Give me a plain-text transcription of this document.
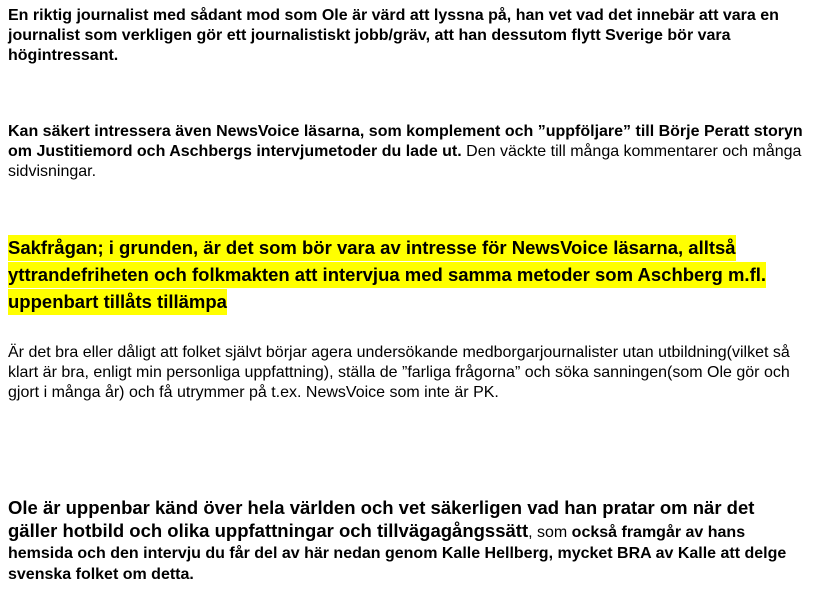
En riktig journalist med sådant mod som Ole är värd att lyssna på, han vet vad det innebär att vara en journalist som verkligen gör ett journalistiskt jobb/gräv, att han dessutom flytt Sverige bör vara högintressant.

Kan säkert intressera även NewsVoice läsarna, som komplement och ”uppföljare” till Börje Peratt storyn om Justitiemord och Aschbergs intervjumetoder du lade ut. Den väckte till många kommentarer och många sidvisningar.

Sakfrågan; i grunden, är det som bör vara av intresse för NewsVoice läsarna, alltså yttrandefriheten och folkmakten att intervjua med samma metoder som Aschberg m.fl. uppenbart tillåts tillämpa

Är det bra eller dåligt att folket självt börjar agera undersökande medborgarjournalister utan utbildning(vilket så klart är bra, enligt min personliga uppfattning), ställa de ”farliga frågorna” och söka sanningen(som Ole gör och gjort i många år) och få utrymmer på t.ex. NewsVoice som inte är PK.

Ole är uppenbar känd över hela världen och vet säkerligen vad han pratar om när det gäller hotbild och olika uppfattningar och tillvägagångssätt, som också framgår av hans hemsida och den intervju du får del av här nedan genom Kalle Hellberg, mycket BRA av Kalle att delge svenska folket om detta.
